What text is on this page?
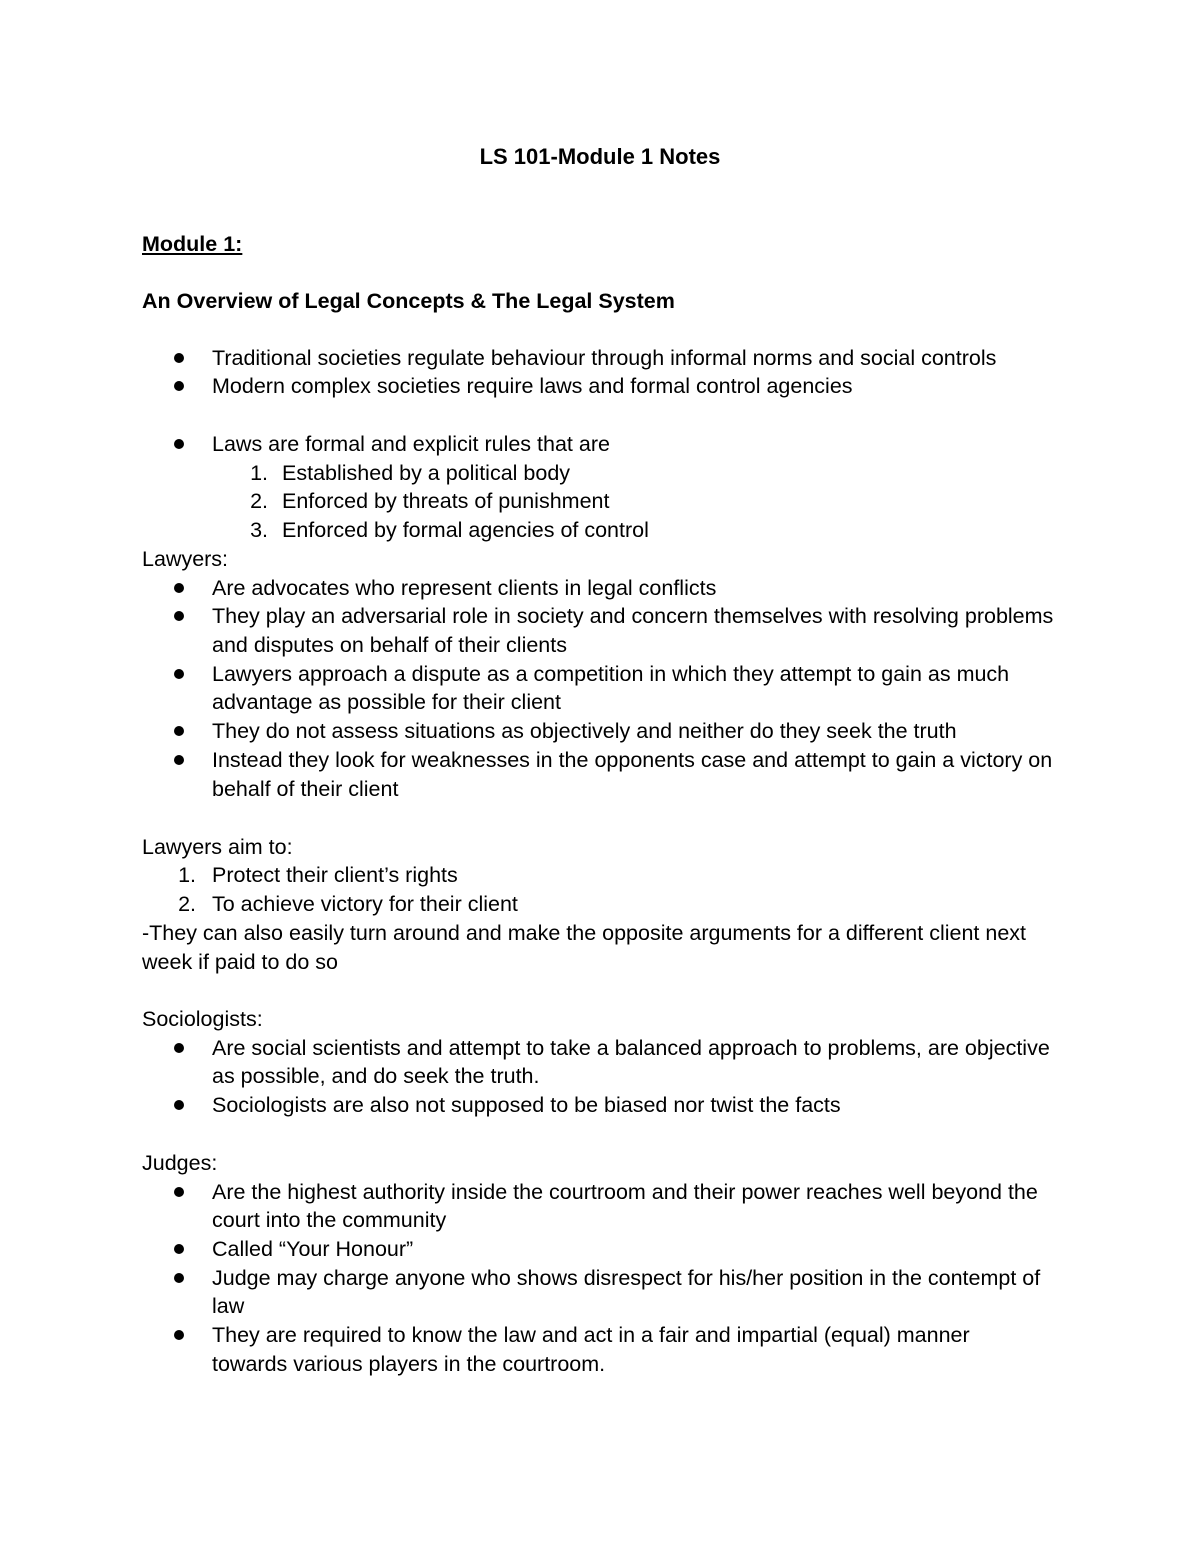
LS 101-Module 1 Notes
Module 1:
An Overview of Legal Concepts & The Legal System
Traditional societies regulate behaviour through informal norms and social controls
Modern complex societies require laws and formal control agencies
Laws are formal and explicit rules that are
1. Established by a political body
2. Enforced by threats of punishment
3. Enforced by formal agencies of control
Lawyers:
Are advocates who represent clients in legal conflicts
They play an adversarial role in society and concern themselves with resolving problems
and disputes on behalf of their clients
Lawyers approach a dispute as a competition in which they attempt to gain as much
advantage as possible for their client
They do not assess situations as objectively and neither do they seek the truth
Instead they look for weaknesses in the opponents case and attempt to gain a victory on
behalf of their client
Lawyers aim to:
1. Protect their client’s rights
2. To achieve victory for their client
-They can also easily turn around and make the opposite arguments for a different client next
week if paid to do so
Sociologists:
Are social scientists and attempt to take a balanced approach to problems, are objective
as possible, and do seek the truth.
Sociologists are also not supposed to be biased nor twist the facts
Judges:
Are the highest authority inside the courtroom and their power reaches well beyond the
court into the community
Called “Your Honour”
Judge may charge anyone who shows disrespect for his/her position in the contempt of
law
They are required to know the law and act in a fair and impartial (equal) manner
towards various players in the courtroom.
